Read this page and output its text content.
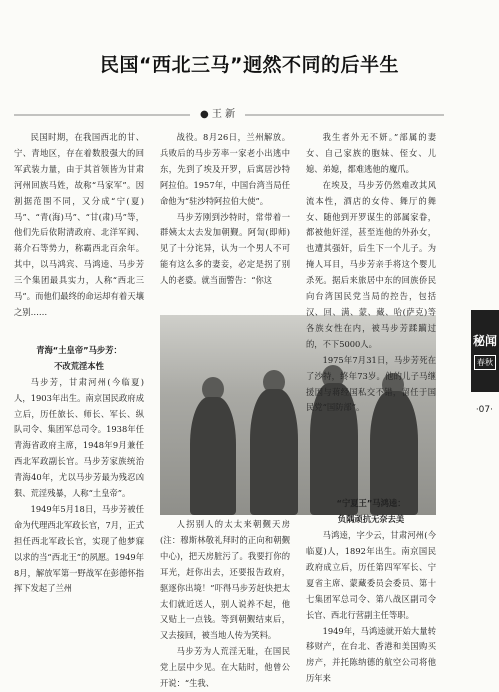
民国“西北三马”迥然不同的后半生
● 王 新

民国时期，在我国西北的甘、宁、青地区，存在着数股强大的回军武装力量，由于其首领皆为甘肃河州回族马姓，故称“马家军”。因割据范围不同，又分成“宁(夏)马”、“青(海)马”、“甘(肃)马”等，他们先后依附清政府、北洋军阀、蒋介石等势力，称霸西北百余年。其中，以马鸿宾、马鸿逵、马步芳三个集团最具实力，人称“西北三马”。而他们最终的命运却有着天壤之别……

青海“土皇帝”马步芳：

不改荒淫本性

马步芳，甘肃河州(今临夏)人，1903年出生。南京国民政府成立后，历任旅长、师长、军长、纵队司令、集团军总司令。1938年任青海省政府主席，1948年9月兼任西北军政副长官。马步芳家族统治青海40年，尤以马步芳最为残忍凶狠、荒淫残暴，人称“土皇帝”。

1949年5月18日，马步芳被任命为代理西北军政长官，7月，正式担任西北军政长官，实现了他梦寐以求的当“西北王”的夙愿。1949年8月，解放军第一野战军在彭德怀指挥下发起了兰州

战役。8月26日，兰州解放。兵败后的马步芳率一家老小出逃中东，先到了埃及开罗，后寓居沙特阿拉伯。1957年，中国台湾当局任命他为“驻沙特阿拉伯大使”。

马步芳刚到沙特时，常带着一群姨太太去发加朝觐。阿訇(即师)见了十分诧异，认为一个男人不可能有这么多的妻妾，必定是拐了别人的老婆。就当面警告：“你这

人拐别人的太太来朝觐天房(注：穆斯林敬礼拜时的正向和朝觐中心)，把天房脏污了。我要打你的耳光，赶你出去，还要报告政府，驱逐你出境！”吓得马步芳赶快把太太们就近送人，别人说养不起，他又贴上一点钱。等到朝觐结束后，又去接回，被当地人传为笑料。

马步芳为人荒淫无耻，在国民党上层中少见。在大陆时，他曾公开说：“生我、

我生者外无不妍。”部属的妻女、自己家族的胞妹、侄女、儿媳、弟媳，都难逃他的魔爪。

在埃及，马步芳仍然难改其风流本性，酒店的女侍、舞厅的舞女、随他到开罗谋生的部属家眷，都被他奸淫，甚至连他的外孙女，也遭其强奸，后生下一个儿子。为掩人耳目，马步芳亲手将这个婴儿杀死。据后来旅居中东的回族侨民向台湾国民党当局的控告，包括汉、回、满、蒙、藏、哈(萨克)等各族女性在内，被马步芳蹂躏过的，不下5000人。

1975年7月31日，马步芳死在了沙特，终年73岁。他的儿子马继援因与蒋经国私交不错，留任于国民党“国防部”。

“宁夏王”马鸿逵：

负隅顽抗无奈去美

马鸿逵，字少云，甘肃河州(今临夏)人，1892年出生。南京国民政府成立后，历任第四军军长、宁夏省主席、蒙藏委员会委员、第十七集团军总司令、第八战区副司令长官、西北行营副主任等职。

1949年，马鸿逵就开始大量转移财产，在台北、香港和美国购买房产，并托陈纳德的航空公司将他历年来

秘闻
春秋
·07·
